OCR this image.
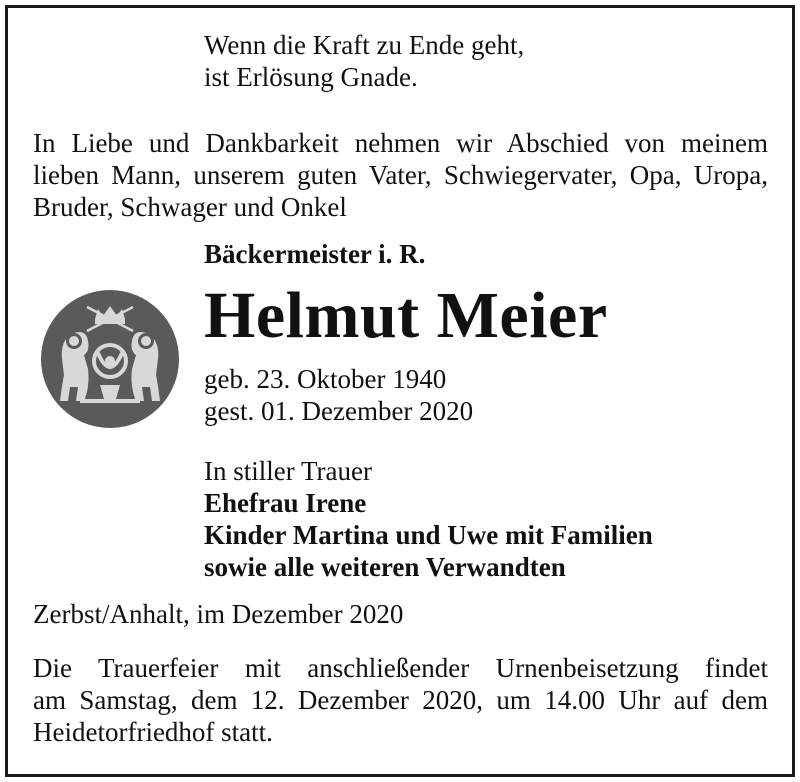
Wenn die Kraft zu Ende geht,

ist Erlösung Gnade.

In Liebe und Dankbarkeit nehmen wir Abschied von meinem
lieben Mann, unserem guten Vater, Schwiegervater, Opa, Uropa,
Bruder, Schwager und Onkel

Bäckermeister i. R.

Helmut Meier

geb. 23. Oktober 1940

gest. 01. Dezember 2020

In stiller Trauer

Ehefrau Irene

Kinder Martina und Uwe mit Familien

sowie alle weiteren Verwandten

Zerbst/Anhalt, im Dezember 2020

Die Trauerfeier mit anschließender Urnenbeisetzung findet
am Samstag, dem 12. Dezember 2020, um 14.00 Uhr auf dem
Heidetorfriedhof statt.
